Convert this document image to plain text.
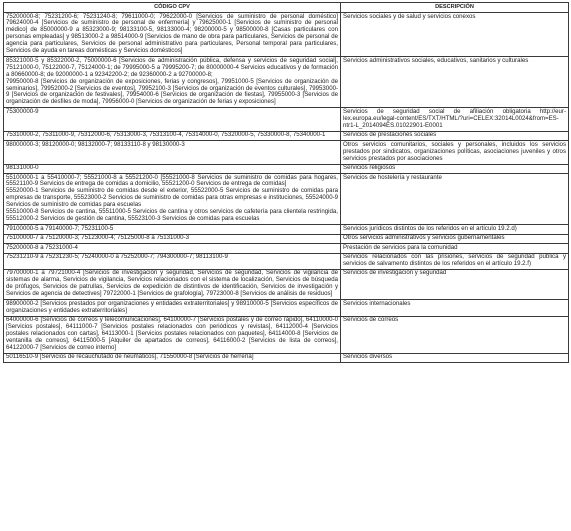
CÓDIGO CPV	DESCRIPCIÓN

75200000-8; 75231200-6; 75231240-8; 79611000-0; 79622000-0 [Servicios de suministro de personal doméstico] 79624000-4 [Servicios de suministro de personal de enfermería] y 79625000-1 [Servicios de suministro de personal médico] de 85000000-9 a 85323000-9; 98133100-5, 98133000-4; 98200000-5 y 98500000-8 [Casas particulares con personas empleadas] y 98513000-2 a 98514000-9 [Servicios de mano de obra para particulares, Servicios de personal de agencia para particulares, Servicios de personal administrativo para particulares, Personal temporal para particulares, Servicios de ayuda en tareas domésticas y Servicios domésticos]	Servicios sociales y de salud y servicios conexos

85321000-5 y 85322000-2, 75000000-6 [Servicios de administración pública, defensa y servicios de seguridad social], 75121000-0, 75122000-7, 75124000-1; de 79995000-5 a 79995200-7; de 80000000-4 Servicios educativos y de formación a 80660000-8; de 92000000-1 a 92342200-2; de 92360000-2 a 92700000-8;
79950000-8 [Servicios de organización de exposiciones, ferias y congresos], 79951000-5 [Servicios de organización de seminarios], 79952000-2 [Servicios de eventos], 79952100-3 [Servicios de organización de eventos culturales], 79953000-9 [Servicios de organización de festivales], 79954000-6 [Servicios de organización de fiestas], 79955000-3 [Servicios de organización de desfiles de moda], 79956000-0 [Servicios de organización de ferias y exposiciones]	Servicios administrativos sociales, educativos, sanitarios y culturales

75300000-9	Servicios de seguridad social de afiliación obligatoria http://eur-lex.europa.eu/legal-content/ES/TXT/HTML/?uri=CELEX:32014L0024&from=ES-ntr1-L_2014094ES.01022901-E0001

75310000-2, 75311000-9, 75312000-6, 75313000-3, 75313100-4, 75314000-0, 75320000-5, 75330000-8, 75340000-1	Servicios de prestaciones sociales

98000000-3; 98120000-0; 98132000-7; 98133110-8 y 98130000-3	Otros servicios comunitarios, sociales y personales, incluidos los servicios prestados por sindicatos, organizaciones políticas, asociaciones juveniles y otros servicios prestados por asociaciones

98131000-0	Servicios religiosos

55100000-1 a 55410000-7; 55521000-8 a 55521200-0 [55521000-8 Servicios de suministro de comidas para hogares, 55521100-9 Servicios de entrega de comidas a domicilio, 55521200-0 Servicios de entrega de comidas]
55520000-1 Servicios de suministro de comidas desde el exterior, 55522000-5 Servicios de suministro de comidas para empresas de transporte, 55523000-2 Servicios de suministro de comidas para otras empresas e instituciones, 55524000-9 Servicios de suministro de comidas para escuelas
55510000-8 Servicios de cantina, 55511000-5 Servicios de cantina y otros servicios de cafetería para clientela restringida, 55512000-2 Servicios de gestión de cantina, 55523100-3 Servicios de comidas para escuelas	Servicios de hostelería y restaurante

79100000-5 a 79140000-7; 75231100-5	Servicios jurídicos distintos de los referidos en el artículo 19.2.d)

75100000-7 a 75120000-3; 75123000-4; 75125000-8 a 75131000-3	Otros servicios administrativos y servicios gubernamentales

75200000-8 a 75231000-4	Prestación de servicios para la comunidad

75231210-9 a 75231230-5; 75240000-0 a 75252000-7; 794300000-7; 98113100-9	Servicios relacionados con las prisiones, servicios de seguridad pública y servicios de salvamento distintos de los referidos en el artículo 19.2.f)

79700000-1 a 79721000-4 [Servicios de investigación y seguridad, Servicios de seguridad, Servicios de vigilancia de sistemas de alarma, Servicios de vigilancia, Servicios relacionados con el sistema de localización, Servicios de búsqueda de prófugos, Servicios de patrullas, Servicios de expedición de distintivos de identificación, Servicios de investigación y Servicios de agencia de detectives] 79722000-1 [Servicios de grafología], 79723000-8 [Servicios de análisis de residuos]	Servicios de investigación y seguridad

98900000-2 [Servicios prestados por organizaciones y entidades extraterritoriales] y 98910000-5 [Servicios específicos de organizaciones y entidades extraterritoriales]	Servicios internacionales

64000000-6 [Servicios de correos y telecomunicaciones], 64100000-7 [Servicios postales y de correo rápido], 64110000-0 [Servicios postales], 64111000-7 [Servicios postales relacionados con periódicos y revistas], 64112000-4 [Servicios postales relacionados con cartas], 64113000-1 [Servicios postales relacionados con paquetes], 64114000-8 [Servicios de ventanilla de correos], 64115000-5 [Alquiler de apartados de correos], 64116000-2 [Servicios de lista de correos], 64122000-7 [Servicios de correo interno]	Servicios de correos

50116510-9 [Servicios de recauchutado de neumáticos], 71550000-8 [Servicios de herrería]	Servicios diversos
